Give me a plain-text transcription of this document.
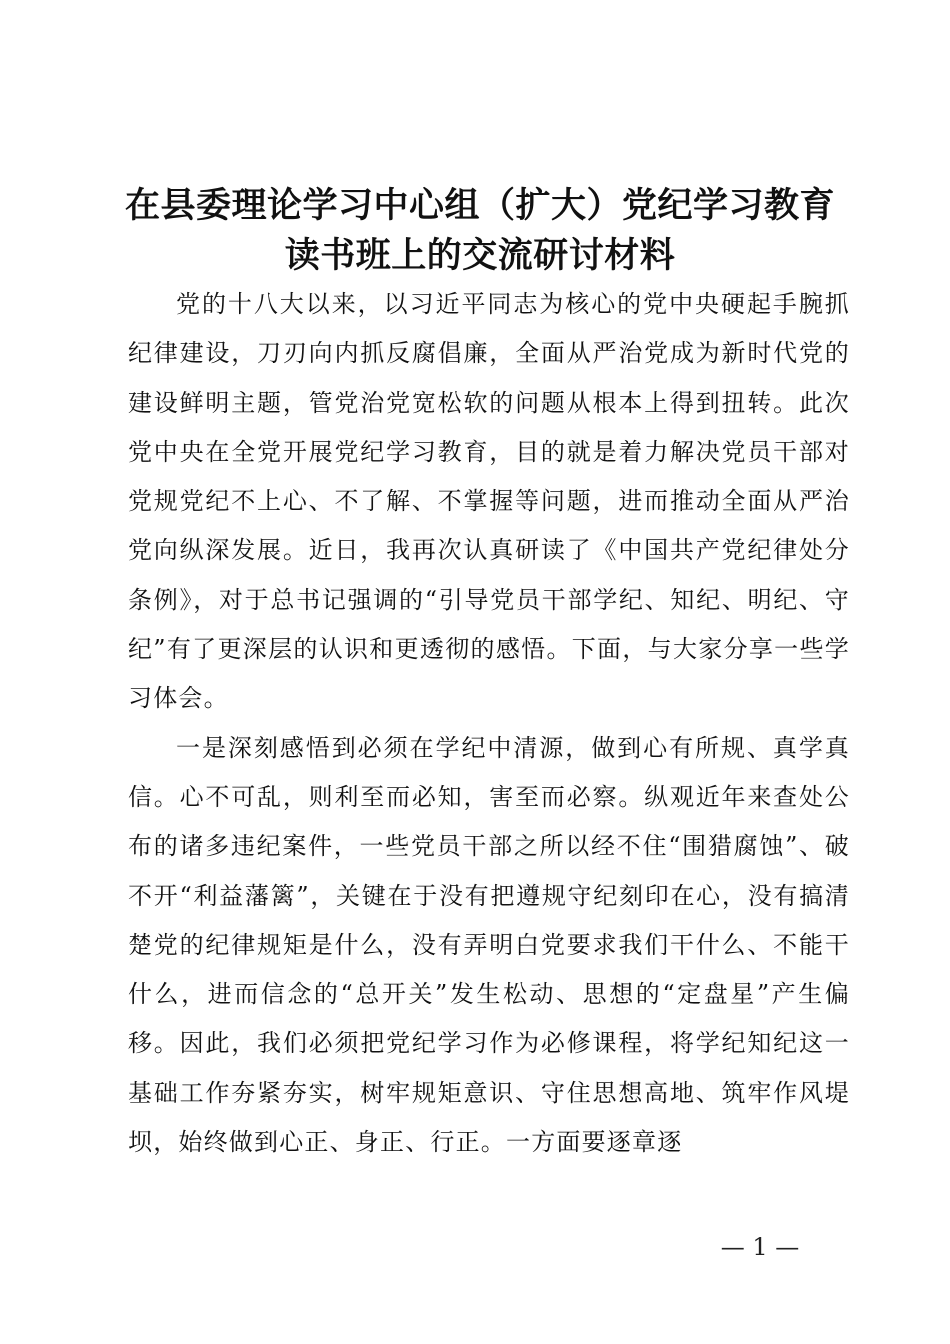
在县委理论学习中心组（扩大）党纪学习教育
读书班上的交流研讨材料

党的十八大以来，以习近平同志为核心的党中央硬起手腕抓纪律建设，刀刃向内抓反腐倡廉，全面从严治党成为新时代党的建设鲜明主题，管党治党宽松软的问题从根本上得到扭转。此次党中央在全党开展党纪学习教育，目的就是着力解决党员干部对党规党纪不上心、不了解、不掌握等问题，进而推动全面从严治党向纵深发展。近日，我再次认真研读了《中国共产党纪律处分条例》，对于总书记强调的“引导党员干部学纪、知纪、明纪、守纪”有了更深层的认识和更透彻的感悟。下面，与大家分享一些学习体会。

一是深刻感悟到必须在学纪中清源，做到心有所规、真学真信。心不可乱，则利至而必知，害至而必察。纵观近年来查处公布的诸多违纪案件，一些党员干部之所以经不住“围猎腐蚀”、破不开“利益藩篱”，关键在于没有把遵规守纪刻印在心，没有搞清楚党的纪律规矩是什么，没有弄明白党要求我们干什么、不能干什么，进而信念的“总开关”发生松动、思想的“定盘星”产生偏移。因此，我们必须把党纪学习作为必修课程，将学纪知纪这一基础工作夯紧夯实，树牢规矩意识、守住思想高地、筑牢作风堤坝，始终做到心正、身正、行正。一方面要逐章逐

— 1 —
